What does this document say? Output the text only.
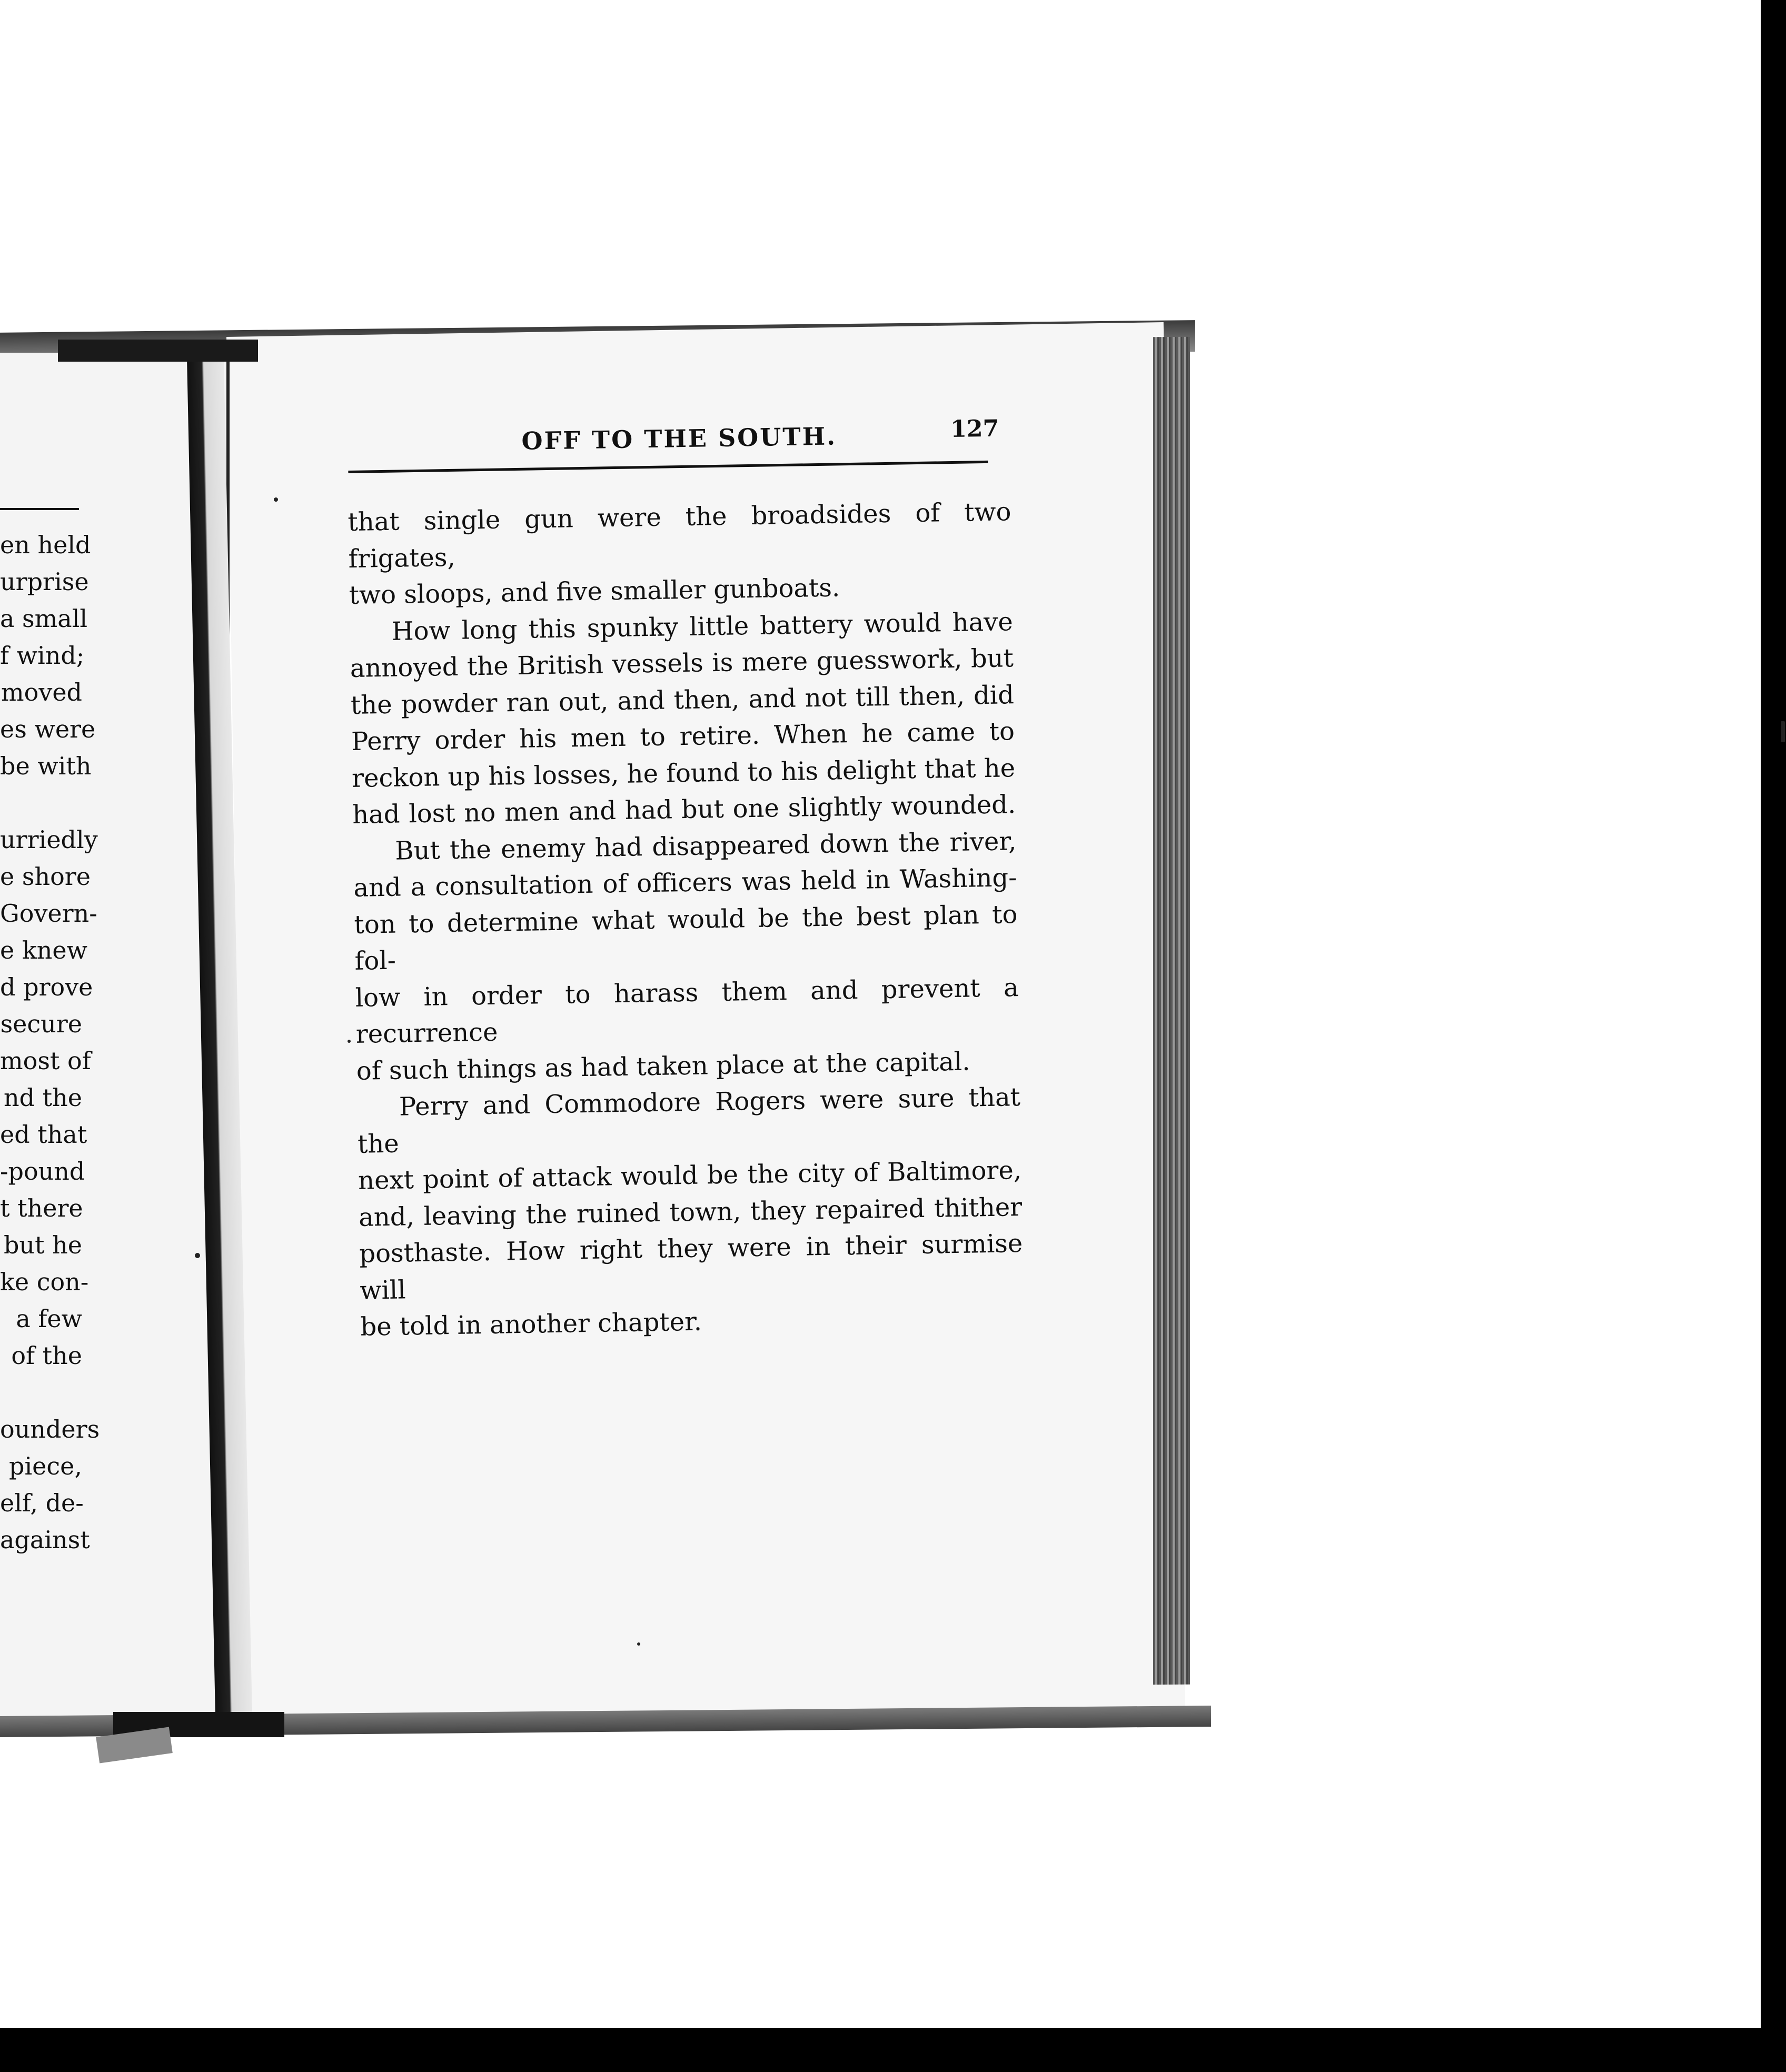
en held
urprise
a small
f wind;
moved
es were
be with
urriedly
e shore
Govern-
e knew
d prove
secure
most of
nd the
ed that
-pound
t there
but he
ke con-
a few
of the
ounders
piece,
elf, de-
against
OFF TO THE SOUTH.	127

that single gun were the broadsides of two frigates,

two sloops, and five smaller gunboats.

How long this spunky little battery would have

annoyed the British vessels is mere guesswork, but

the powder ran out, and then, and not till then, did

Perry order his men to retire. When he came to

reckon up his losses, he found to his delight that he

had lost no men and had but one slightly wounded.

But the enemy had disappeared down the river,

and a consultation of officers was held in Washing-

ton to determine what would be the best plan to fol-

low in order to harass them and prevent a recurrence

of such things as had taken place at the capital.

Perry and Commodore Rogers were sure that the

next point of attack would be the city of Baltimore,

and, leaving the ruined town, they repaired thither

posthaste. How right they were in their surmise will

be told in another chapter.
